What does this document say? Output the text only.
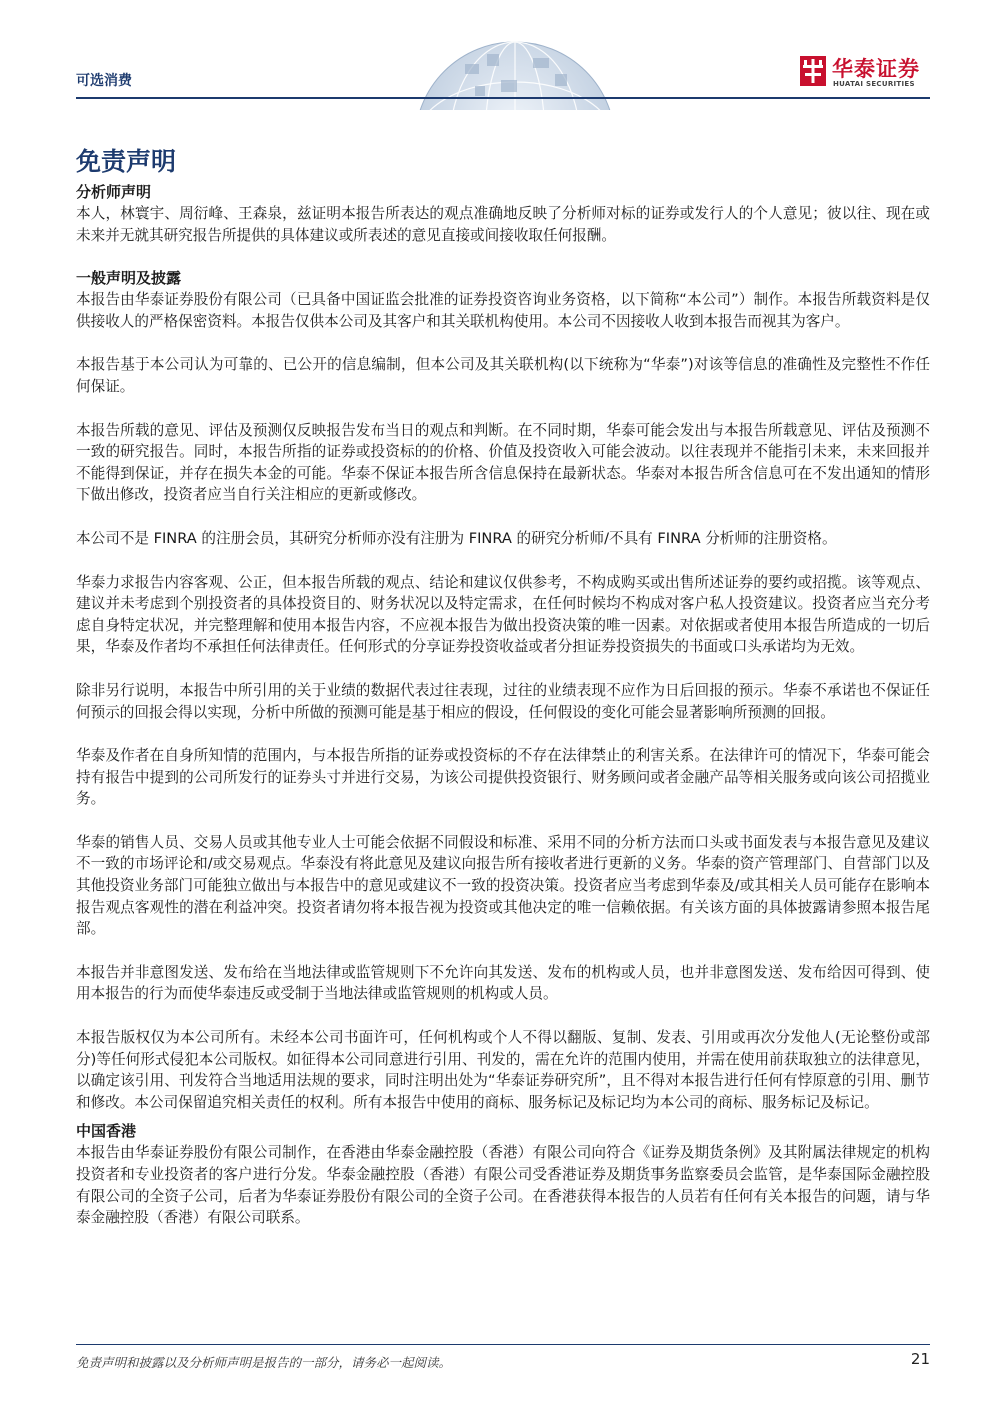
可选消费	华泰证券
HUATAI SECURITIES
免责声明

分析师声明

本人，林寰宇、周衍峰、王森泉，兹证明本报告所表达的观点准确地反映了分析师对标的证券或发行人的个人意见；彼以往、现在或未来并无就其研究报告所提供的具体建议或所表述的意见直接或间接收取任何报酬。

一般声明及披露

本报告由华泰证券股份有限公司（已具备中国证监会批准的证券投资咨询业务资格，以下简称“本公司”）制作。本报告所载资料是仅供接收人的严格保密资料。本报告仅供本公司及其客户和其关联机构使用。本公司不因接收人收到本报告而视其为客户。

本报告基于本公司认为可靠的、已公开的信息编制，但本公司及其关联机构(以下统称为“华泰”)对该等信息的准确性及完整性不作任何保证。

本报告所载的意见、评估及预测仅反映报告发布当日的观点和判断。在不同时期，华泰可能会发出与本报告所载意见、评估及预测不一致的研究报告。同时，本报告所指的证券或投资标的的价格、价值及投资收入可能会波动。以往表现并不能指引未来，未来回报并不能得到保证，并存在损失本金的可能。华泰不保证本报告所含信息保持在最新状态。华泰对本报告所含信息可在不发出通知的情形下做出修改，投资者应当自行关注相应的更新或修改。

本公司不是 FINRA 的注册会员，其研究分析师亦没有注册为 FINRA 的研究分析师/不具有 FINRA 分析师的注册资格。

华泰力求报告内容客观、公正，但本报告所载的观点、结论和建议仅供参考，不构成购买或出售所述证券的要约或招揽。该等观点、建议并未考虑到个别投资者的具体投资目的、财务状况以及特定需求，在任何时候均不构成对客户私人投资建议。投资者应当充分考虑自身特定状况，并完整理解和使用本报告内容，不应视本报告为做出投资决策的唯一因素。对依据或者使用本报告所造成的一切后果，华泰及作者均不承担任何法律责任。任何形式的分享证券投资收益或者分担证券投资损失的书面或口头承诺均为无效。

除非另行说明，本报告中所引用的关于业绩的数据代表过往表现，过往的业绩表现不应作为日后回报的预示。华泰不承诺也不保证任何预示的回报会得以实现，分析中所做的预测可能是基于相应的假设，任何假设的变化可能会显著影响所预测的回报。

华泰及作者在自身所知情的范围内，与本报告所指的证券或投资标的不存在法律禁止的利害关系。在法律许可的情况下，华泰可能会持有报告中提到的公司所发行的证券头寸并进行交易，为该公司提供投资银行、财务顾问或者金融产品等相关服务或向该公司招揽业务。

华泰的销售人员、交易人员或其他专业人士可能会依据不同假设和标准、采用不同的分析方法而口头或书面发表与本报告意见及建议不一致的市场评论和/或交易观点。华泰没有将此意见及建议向报告所有接收者进行更新的义务。华泰的资产管理部门、自营部门以及其他投资业务部门可能独立做出与本报告中的意见或建议不一致的投资决策。投资者应当考虑到华泰及/或其相关人员可能存在影响本报告观点客观性的潜在利益冲突。投资者请勿将本报告视为投资或其他决定的唯一信赖依据。有关该方面的具体披露请参照本报告尾部。

本报告并非意图发送、发布给在当地法律或监管规则下不允许向其发送、发布的机构或人员，也并非意图发送、发布给因可得到、使用本报告的行为而使华泰违反或受制于当地法律或监管规则的机构或人员。

本报告版权仅为本公司所有。未经本公司书面许可，任何机构或个人不得以翻版、复制、发表、引用或再次分发他人(无论整份或部分)等任何形式侵犯本公司版权。如征得本公司同意进行引用、刊发的，需在允许的范围内使用，并需在使用前获取独立的法律意见，以确定该引用、刊发符合当地适用法规的要求，同时注明出处为“华泰证券研究所”，且不得对本报告进行任何有悖原意的引用、删节和修改。本公司保留追究相关责任的权利。所有本报告中使用的商标、服务标记及标记均为本公司的商标、服务标记及标记。

中国香港

本报告由华泰证券股份有限公司制作，在香港由华泰金融控股（香港）有限公司向符合《证券及期货条例》及其附属法律规定的机构投资者和专业投资者的客户进行分发。华泰金融控股（香港）有限公司受香港证券及期货事务监察委员会监管，是华泰国际金融控股有限公司的全资子公司，后者为华泰证券股份有限公司的全资子公司。在香港获得本报告的人员若有任何有关本报告的问题，请与华泰金融控股（香港）有限公司联系。

免责声明和披露以及分析师声明是报告的一部分，请务必一起阅读。	21
